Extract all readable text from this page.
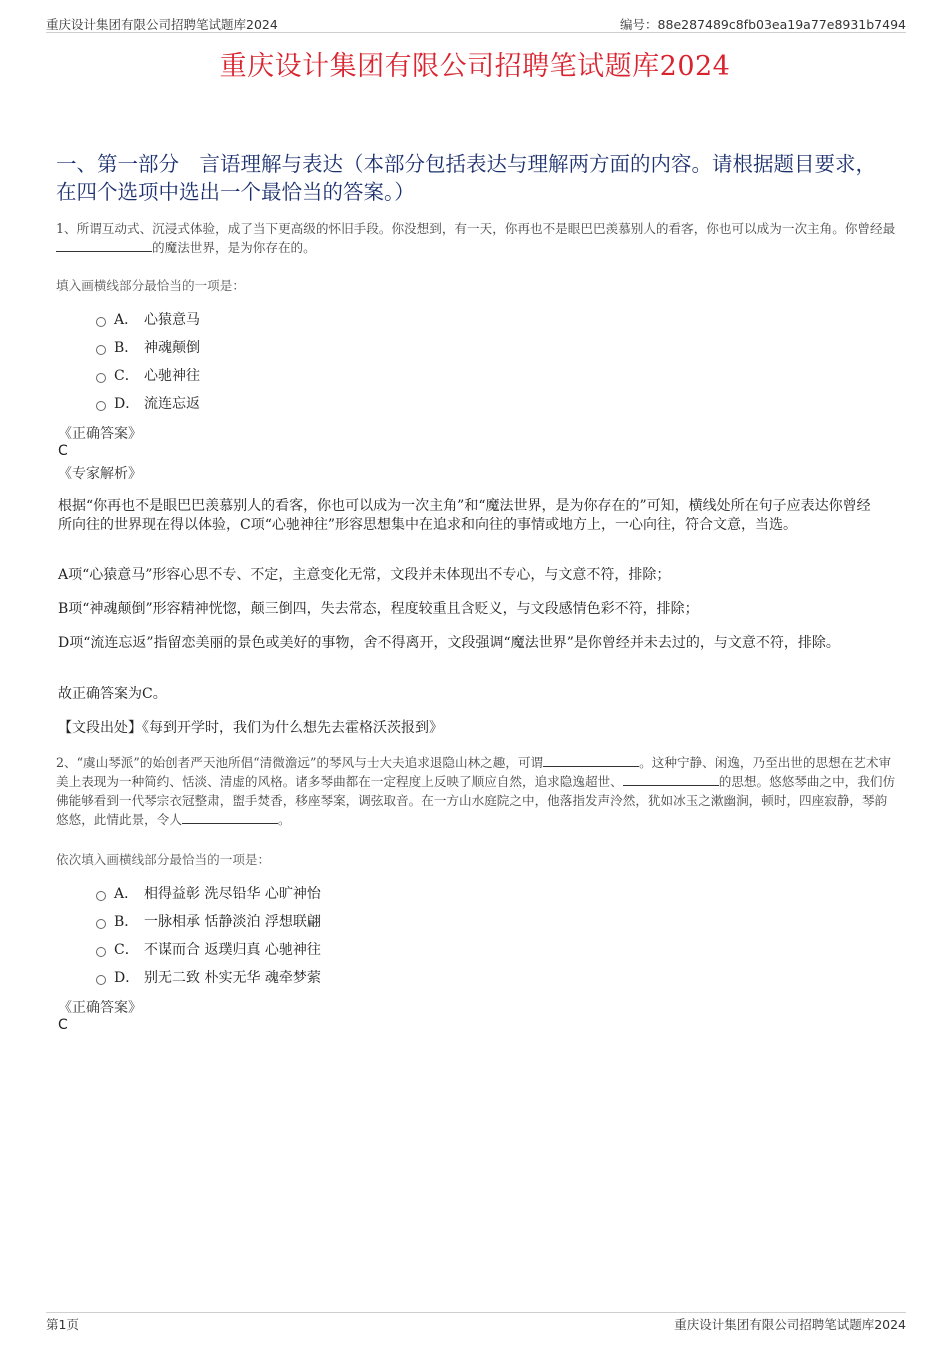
重庆设计集团有限公司招聘笔试题库2024	编号：88e287489c8fb03ea19a77e8931b7494
重庆设计集团有限公司招聘笔试题库2024
一、第一部分　言语理解与表达（本部分包括表达与理解两方面的内容。请根据题目要求，在四个选项中选出一个最恰当的答案。）
1、所谓互动式、沉浸式体验，成了当下更高级的怀旧手段。你没想到，有一天，你再也不是眼巴巴羡慕别人的看客，你也可以成为一次主角。你曾经最的魔法世界，是为你存在的。
填入画横线部分最恰当的一项是：
A． 心猿意马
B． 神魂颠倒
C． 心驰神往
D． 流连忘返
《正确答案》
C
《专家解析》
根据“你再也不是眼巴巴羡慕别人的看客，你也可以成为一次主角”和“魔法世界，是为你存在的”可知，横线处所在句子应表达你曾经所向往的世界现在得以体验，C项“心驰神往”形容思想集中在追求和向往的事情或地方上，一心向往，符合文意，当选。
A项“心猿意马”形容心思不专、不定，主意变化无常，文段并未体现出不专心，与文意不符，排除；
B项“神魂颠倒”形容精神恍惚，颠三倒四，失去常态，程度较重且含贬义，与文段感情色彩不符，排除；
D项“流连忘返”指留恋美丽的景色或美好的事物，舍不得离开，文段强调“魔法世界”是你曾经并未去过的，与文意不符，排除。
故正确答案为C。
【文段出处】《每到开学时，我们为什么想先去霍格沃茨报到》
2、“虞山琴派”的始创者严天池所倡“清微澹远”的琴风与士大夫追求退隐山林之趣，可谓	。这种宁静、闲逸，乃至出世的思想在艺术审美上表现为一种简约、恬淡、清虚的风格。诸多琴曲都在一定程度上反映了顺应自然，追求隐逸超世、	的思想。悠悠琴曲之中，我们仿佛能够看到一代琴宗衣冠整肃，盥手焚香，移座琴案，调弦取音。在一方山水庭院之中，他落指发声泠然，犹如冰玉之漱幽涧，顿时，四座寂静，琴韵悠悠，此情此景，令人	。
依次填入画横线部分最恰当的一项是：
A． 相得益彰 洗尽铅华 心旷神怡
B． 一脉相承 恬静淡泊 浮想联翩
C． 不谋而合 返璞归真 心驰神往
D． 别无二致 朴实无华 魂牵梦萦
《正确答案》
C
第1页	重庆设计集团有限公司招聘笔试题库2024
